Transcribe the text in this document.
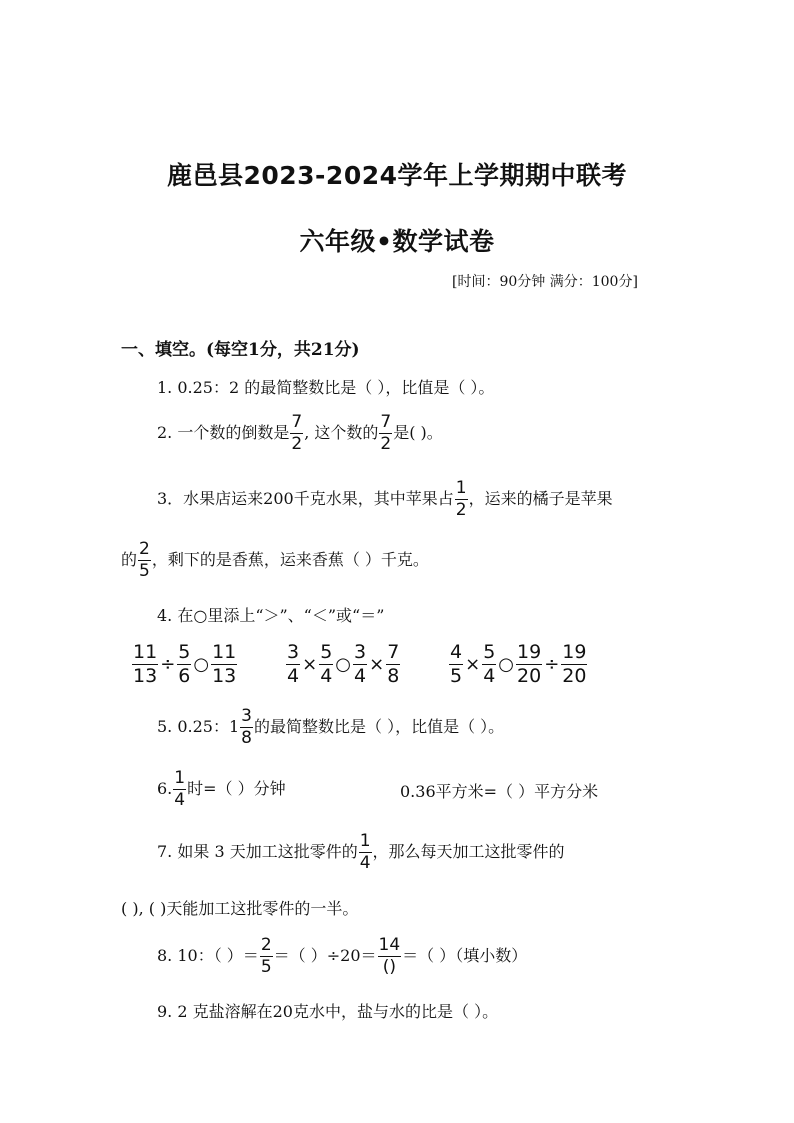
鹿邑县2023-2024学年上学期期中联考
六年级•数学试卷
[时间：90分钟 满分：100分]
一、填空。(每空1分，共21分)
1. 0.25：2 的最简整数比是（ ），比值是（ ）。
2. 一个数的倒数是 $\frac{7}{2}$ , 这个数的 $\frac{7}{2}$ 是( )。
3．水果店运来200千克水果，其中苹果占 $\frac{1}{2}$ ，运来的橘子是苹果
的 $\frac{2}{5}$ ，剩下的是香蕉，运来香蕉（ ）千克。
4. 在○里添上“＞”、“＜”或“＝”
$\frac{11}{13} \div \frac{5}{6}$ ○ $\frac{11}{13}$	$\frac{3}{4} \times \frac{5}{4}$ ○ $\frac{3}{4} \times \frac{7}{8}$	$\frac{4}{5} \times \frac{5}{4}$ ○ $\frac{19}{20} \div \frac{19}{20}$
5. 0.25：$1 \frac{3}{8}$ 的最简整数比是（ ），比值是（ ）。
6. $\frac{1}{4}$ 时=（ ）分钟	0.36平方米=（ ）平方分米
7. 如果 3 天加工这批零件的 $\frac{1}{4}$ ，那么每天加工这批零件的
( ), ( )天能加工这批零件的一半。
8. 10：（ ）＝ $\frac{2}{5}$ ＝（ ）$\div 20= \frac{14}{()}$ ＝（ ）（填小数）
9. 2 克盐溶解在20克水中，盐与水的比是（ ）。
